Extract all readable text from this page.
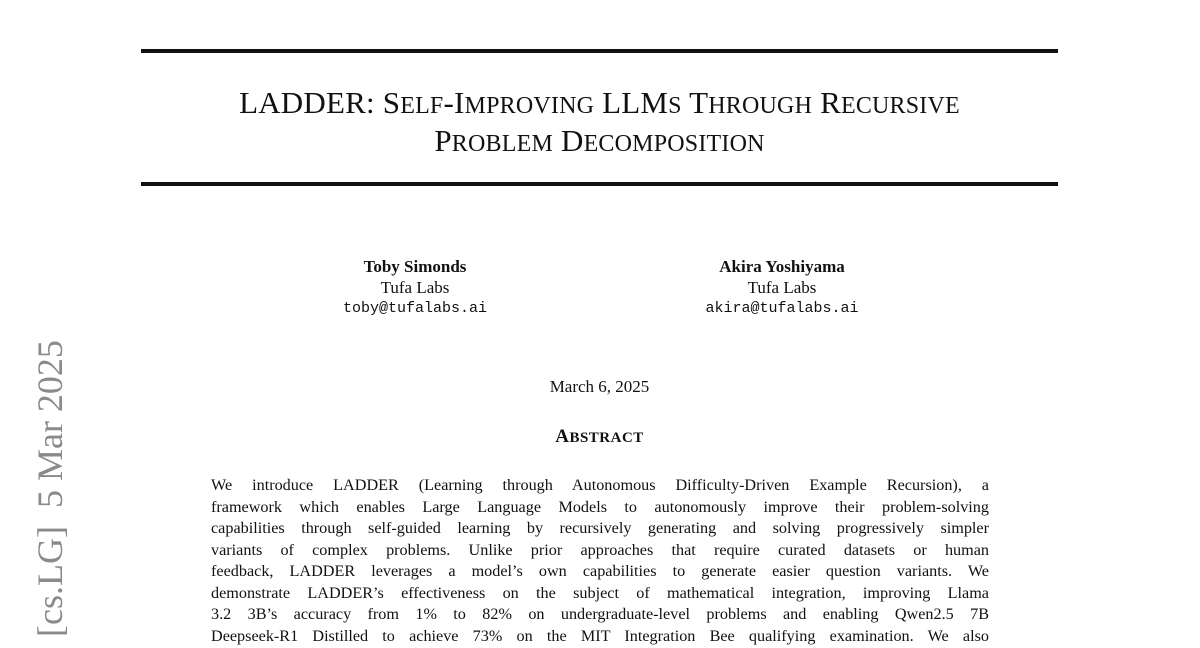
LADDER: SELF-IMPROVING LLMS THROUGH RECURSIVE
PROBLEM DECOMPOSITION
Toby Simonds
Tufa Labs
toby@tufalabs.ai
Akira Yoshiyama
Tufa Labs
akira@tufalabs.ai
March 6, 2025
ABSTRACT
We introduce LADDER (Learning through Autonomous Difficulty-Driven Example Recursion), a
framework which enables Large Language Models to autonomously improve their problem-solving
capabilities through self-guided learning by recursively generating and solving progressively simpler
variants of complex problems. Unlike prior approaches that require curated datasets or human
feedback, LADDER leverages a model’s own capabilities to generate easier question variants. We
demonstrate LADDER’s effectiveness on the subject of mathematical integration, improving Llama
3.2 3B’s accuracy from 1% to 82% on undergraduate-level problems and enabling Qwen2.5 7B
Deepseek-R1 Distilled to achieve 73% on the MIT Integration Bee qualifying examination. We also
[cs.LG]5 Mar 2025
